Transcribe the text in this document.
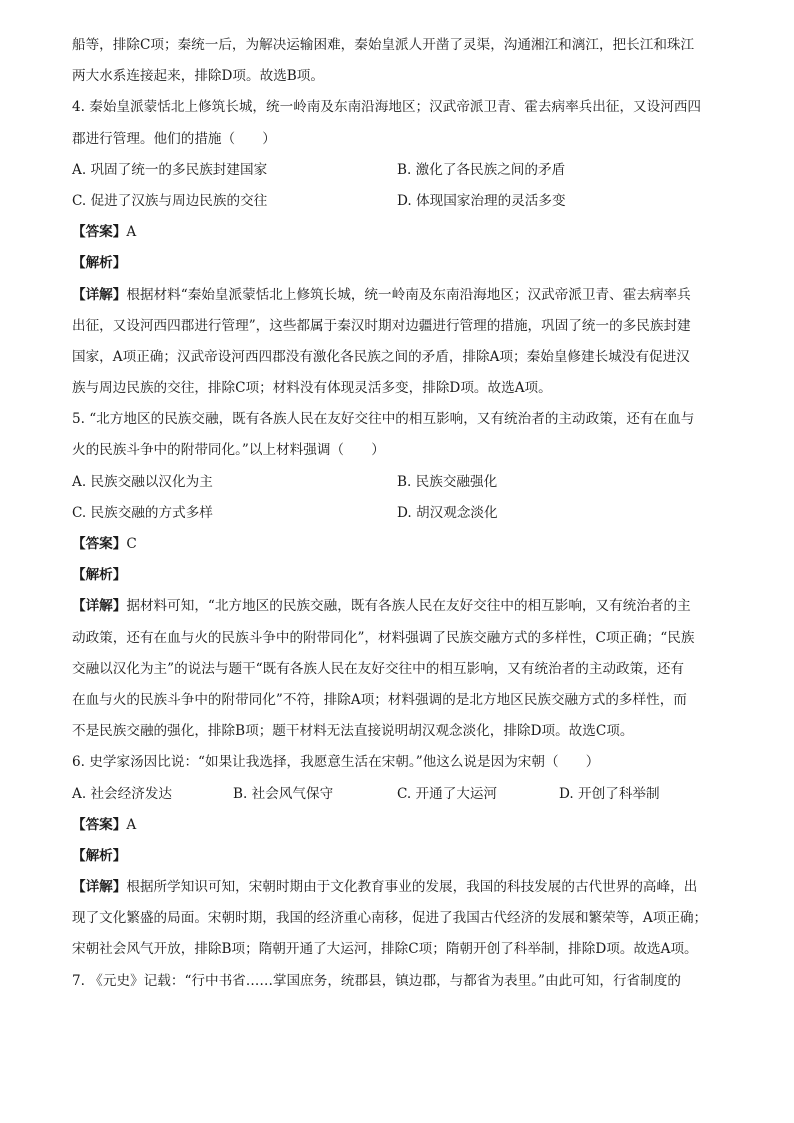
船等，排除C项；秦统一后，为解决运输困难，秦始皇派人开凿了灵渠，沟通湘江和漓江，把长江和珠江
两大水系连接起来，排除D项。故选B项。
4. 秦始皇派蒙恬北上修筑长城，统一岭南及东南沿海地区；汉武帝派卫青、霍去病率兵出征，又设河西四
郡进行管理。他们的措施（　　）
A. 巩固了统一的多民族封建国家	B. 激化了各民族之间的矛盾
C. 促进了汉族与周边民族的交往	D. 体现国家治理的灵活多变
【答案】A
【解析】
【详解】根据材料“秦始皇派蒙恬北上修筑长城，统一岭南及东南沿海地区；汉武帝派卫青、霍去病率兵
出征，又设河西四郡进行管理”，这些都属于秦汉时期对边疆进行管理的措施，巩固了统一的多民族封建
国家，A项正确；汉武帝设河西四郡没有激化各民族之间的矛盾，排除A项；秦始皇修建长城没有促进汉
族与周边民族的交往，排除C项；材料没有体现灵活多变，排除D项。故选A项。
5. “北方地区的民族交融，既有各族人民在友好交往中的相互影响，又有统治者的主动政策，还有在血与
火的民族斗争中的附带同化。”以上材料强调（　　）
A. 民族交融以汉化为主	B. 民族交融强化
C. 民族交融的方式多样	D. 胡汉观念淡化
【答案】C
【解析】
【详解】据材料可知，“北方地区的民族交融，既有各族人民在友好交往中的相互影响，又有统治者的主
动政策，还有在血与火的民族斗争中的附带同化”，材料强调了民族交融方式的多样性，C项正确；“民族
交融以汉化为主”的说法与题干“既有各族人民在友好交往中的相互影响，又有统治者的主动政策，还有
在血与火的民族斗争中的附带同化”不符，排除A项；材料强调的是北方地区民族交融方式的多样性，而
不是民族交融的强化，排除B项；题干材料无法直接说明胡汉观念淡化，排除D项。故选C项。
6. 史学家汤因比说：“如果让我选择，我愿意生活在宋朝。”他这么说是因为宋朝（　　）
A. 社会经济发达	B. 社会风气保守	C. 开通了大运河	D. 开创了科举制
【答案】A
【解析】
【详解】根据所学知识可知，宋朝时期由于文化教育事业的发展，我国的科技发展的古代世界的高峰，出
现了文化繁盛的局面。宋朝时期，我国的经济重心南移，促进了我国古代经济的发展和繁荣等，A项正确；
宋朝社会风气开放，排除B项；隋朝开通了大运河，排除C项；隋朝开创了科举制，排除D项。故选A项。
7. 《元史》记载：“行中书省……掌国庶务，统郡县，镇边郡，与都省为表里。”由此可知，行省制度的
